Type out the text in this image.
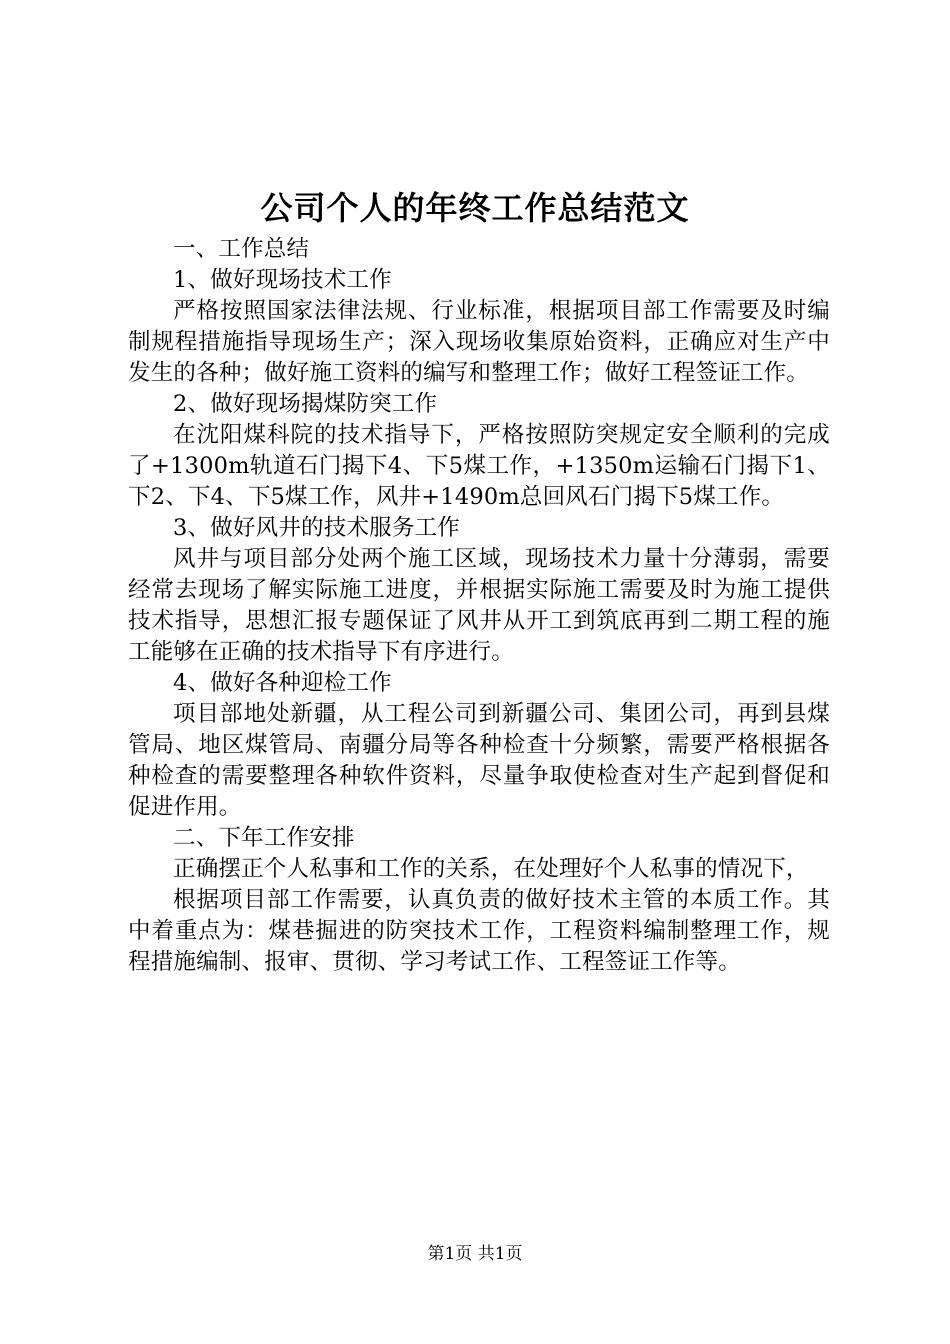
公司个人的年终工作总结范文

一、工作总结

1、做好现场技术工作

严格按照国家法律法规、行业标准，根据项目部工作需要及时编制规程措施指导现场生产；深入现场收集原始资料，正确应对生产中发生的各种；做好施工资料的编写和整理工作；做好工程签证工作。

2、做好现场揭煤防突工作

在沈阳煤科院的技术指导下，严格按照防突规定安全顺利的完成了+1300m轨道石门揭下4、下5煤工作，+1350m运输石门揭下1、下2、下4、下5煤工作，风井+1490m总回风石门揭下5煤工作。

3、做好风井的技术服务工作

风井与项目部分处两个施工区域，现场技术力量十分薄弱，需要经常去现场了解实际施工进度，并根据实际施工需要及时为施工提供技术指导，思想汇报专题保证了风井从开工到筑底再到二期工程的施工能够在正确的技术指导下有序进行。

4、做好各种迎检工作

项目部地处新疆，从工程公司到新疆公司、集团公司，再到县煤管局、地区煤管局、南疆分局等各种检查十分频繁，需要严格根据各种检查的需要整理各种软件资料，尽量争取使检查对生产起到督促和促进作用。

二、下年工作安排

正确摆正个人私事和工作的关系，在处理好个人私事的情况下，

根据项目部工作需要，认真负责的做好技术主管的本质工作。其中着重点为：煤巷掘进的防突技术工作，工程资料编制整理工作，规程措施编制、报审、贯彻、学习考试工作、工程签证工作等。

第1页 共1页
